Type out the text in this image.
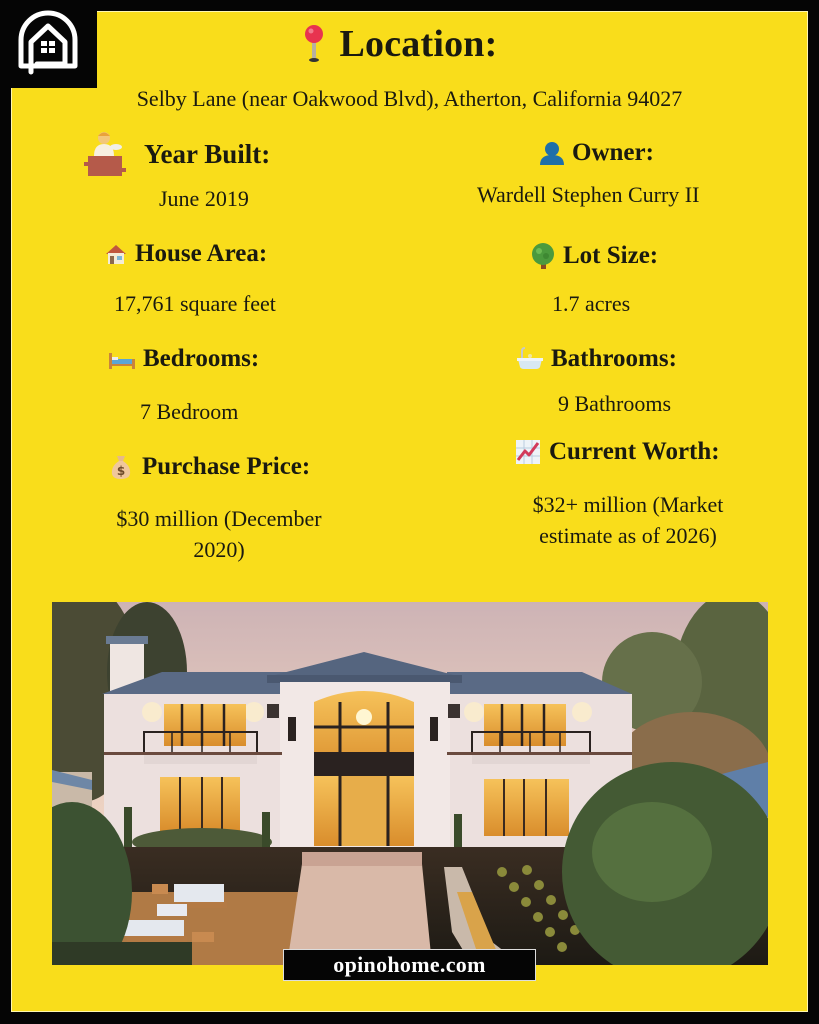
Location:
Selby Lane (near Oakwood Blvd), Atherton, California 94027
Year Built:
June 2019
Owner:
Wardell Stephen Curry II
House Area:
17,761 square feet
Lot Size:
1.7 acres
Bedrooms:
7 Bedroom
Bathrooms:
9 Bathrooms
$ Purchase Price:
$30 million (December
2020)
Current Worth:
$32+ million (Market
estimate as of 2026)
opinohome.com
